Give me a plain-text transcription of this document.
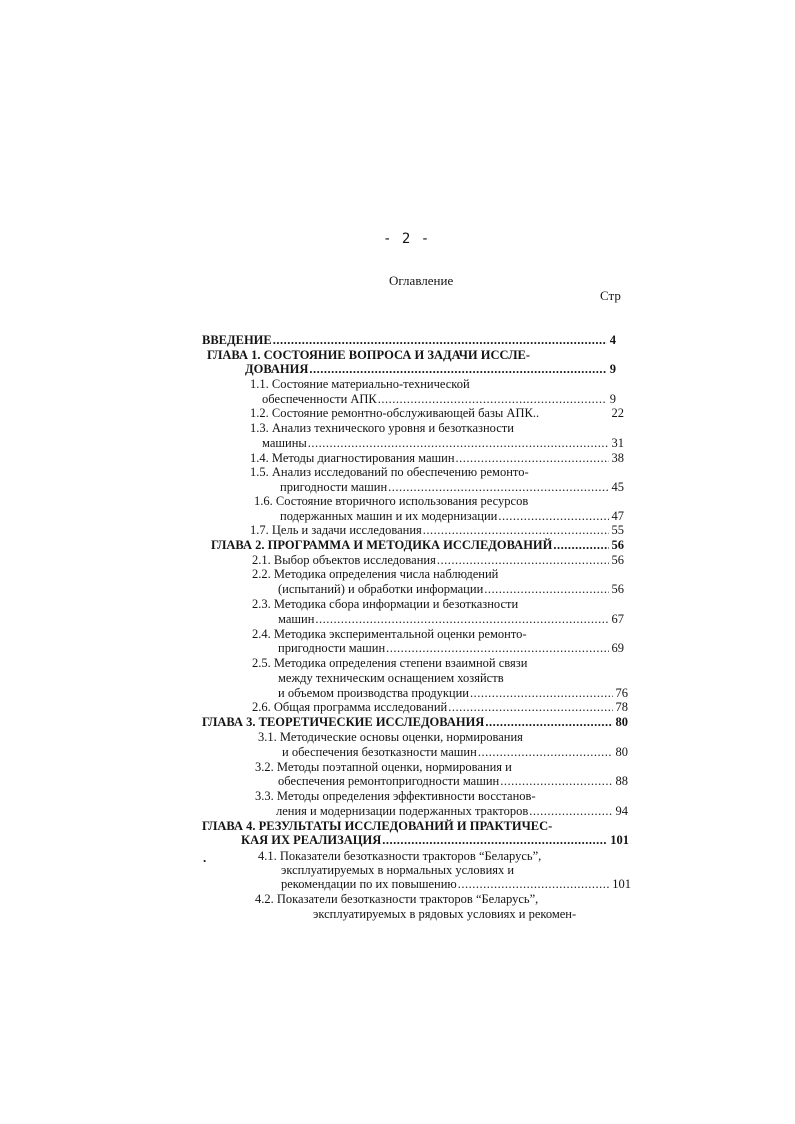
- 2 -
Оглавление
Стр
ВВЕДЕНИЕ .....	4
ГЛАВА 1. СОСТОЯНИЕ ВОПРОСА И ЗАДАЧИ ИССЛЕ-
ДОВАНИЯ .....	9
1.1. Состояние материально-технической
обеспеченности АПК .....	9
1.2. Состояние ремонтно-обслуживающей базы АПК..	22
1.3. Анализ технического уровня и безотказности
машины .....	31
1.4. Методы диагностирования машин .....	38
1.5. Анализ исследований по обеспечению ремонто-
пригодности машин .....	45
1.6. Состояние вторичного использования ресурсов
подержанных машин и их модернизации .....	47
1.7. Цель и задачи исследования .....	55
ГЛАВА 2. ПРОГРАММА И МЕТОДИКА ИССЛЕДОВАНИЙ .....	56
2.1. Выбор объектов исследования .....	56
2.2. Методика определения числа наблюдений
(испытаний) и обработки информации .....	56
2.3. Методика сбора информации и безотказности
машин .....	67
2.4. Методика экспериментальной оценки ремонто-
пригодности машин .....	69
2.5. Методика определения степени взаимной связи
между техническим оснащением хозяйств
и объемом производства продукции .....	76
2.6. Общая программа исследований .....	78
ГЛАВА 3. ТЕОРЕТИЧЕСКИЕ ИССЛЕДОВАНИЯ .....	80
3.1. Методические основы оценки, нормирования
и обеспечения безотказности машин .....	80
3.2. Методы поэтапной оценки, нормирования и
обеспечения ремонтопригодности машин .....	88
3.3. Методы определения эффективности восстанов-
ления и модернизации подержанных тракторов .....	94
ГЛАВА 4. РЕЗУЛЬТАТЫ ИССЛЕДОВАНИЙ И ПРАКТИЧЕС-
КАЯ ИХ РЕАЛИЗАЦИЯ .....	101
.	4.1. Показатели безотказности тракторов “Беларусь”,
эксплуатируемых в нормальных условиях и
рекомендации по их повышению .....	101
4.2. Показатели безотказности тракторов “Беларусь”,
эксплуатируемых в рядовых условиях и рекомен-
